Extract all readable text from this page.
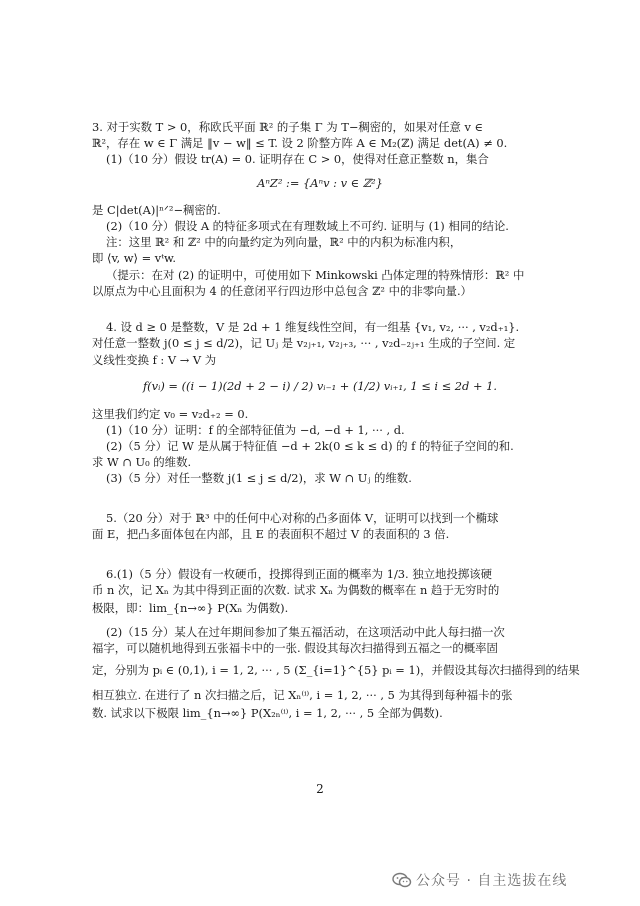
3. 对于实数 T > 0，称欧氏平面 ℝ² 的子集 Γ 为 T−稠密的，如果对任意 v ∈
ℝ²，存在 w ∈ Γ 满足 ‖v − w‖ ≤ T. 设 2 阶整方阵 A ∈ M₂(ℤ) 满足 det(A) ≠ 0.
(1)（10 分）假设 tr(A) = 0. 证明存在 C > 0，使得对任意正整数 n，集合
AⁿZ² := {Aⁿv : v ∈ ℤ²}
是 C|det(A)|ⁿᐟ²−稠密的.
(2)（10 分）假设 A 的特征多项式在有理数域上不可约. 证明与 (1) 相同的结论.
注：这里 ℝ² 和 ℤ² 中的向量约定为列向量，ℝ² 中的内积为标准内积，
即 ⟨v, w⟩ = vᵗw.
（提示：在对 (2) 的证明中，可使用如下 Minkowski 凸体定理的特殊情形：ℝ² 中
以原点为中心且面积为 4 的任意闭平行四边形中总包含 ℤ² 中的非零向量.）
4. 设 d ≥ 0 是整数，V 是 2d + 1 维复线性空间，有一组基 {v₁, v₂, ··· , v₂d₊₁}.
对任意一整数 j(0 ≤ j ≤ d/2)，记 Uⱼ 是 v₂ⱼ₊₁, v₂ⱼ₊₃, ··· , v₂d₋₂ⱼ₊₁ 生成的子空间. 定
义线性变换 f : V → V 为
f(vᵢ) = ((i − 1)(2d + 2 − i) / 2) vᵢ₋₁ + (1/2) vᵢ₊₁, 1 ≤ i ≤ 2d + 1.
这里我们约定 v₀ = v₂d₊₂ = 0.
(1)（10 分）证明：f 的全部特征值为 −d, −d + 1, ··· , d.
(2)（5 分）记 W 是从属于特征值 −d + 2k(0 ≤ k ≤ d) 的 f 的特征子空间的和.
求 W ∩ U₀ 的维数.
(3)（5 分）对任一整数 j(1 ≤ j ≤ d/2)，求 W ∩ Uⱼ 的维数.
5.（20 分）对于 ℝ³ 中的任何中心对称的凸多面体 V，证明可以找到一个椭球
面 E，把凸多面体包在内部，且 E 的表面积不超过 V 的表面积的 3 倍.
6.(1)（5 分）假设有一枚硬币，投掷得到正面的概率为 1/3. 独立地投掷该硬
币 n 次，记 Xₙ 为其中得到正面的次数. 试求 Xₙ 为偶数的概率在 n 趋于无穷时的
极限，即：lim_{n→∞} P(Xₙ 为偶数).
(2)（15 分）某人在过年期间参加了集五福活动，在这项活动中此人每扫描一次
福字，可以随机地得到五张福卡中的一张. 假设其每次扫描得到五福之一的概率固
定，分别为 pᵢ ∈ (0,1), i = 1, 2, ··· , 5 (Σ_{i=1}^{5} pᵢ = 1)，并假设其每次扫描得到的结果
相互独立. 在进行了 n 次扫描之后，记 Xₙ⁽ⁱ⁾, i = 1, 2, ··· , 5 为其得到每种福卡的张
数. 试求以下极限 lim_{n→∞} P(X₂ₙ⁽ⁱ⁾, i = 1, 2, ··· , 5 全部为偶数).
2
公众号 · 自主选拔在线
